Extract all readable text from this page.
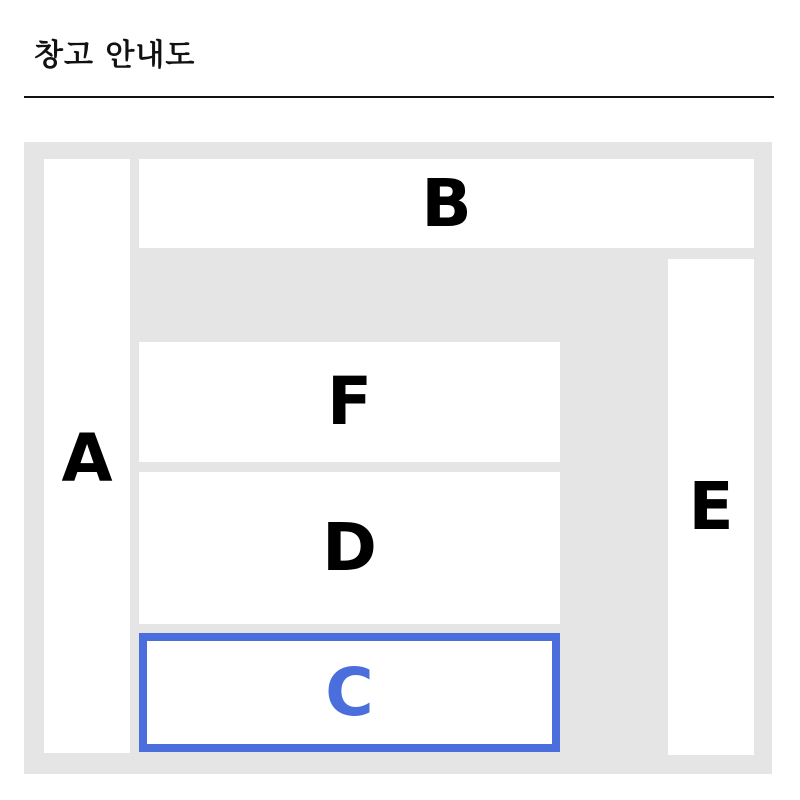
창고 안내도
A
B
E
F
D
C
